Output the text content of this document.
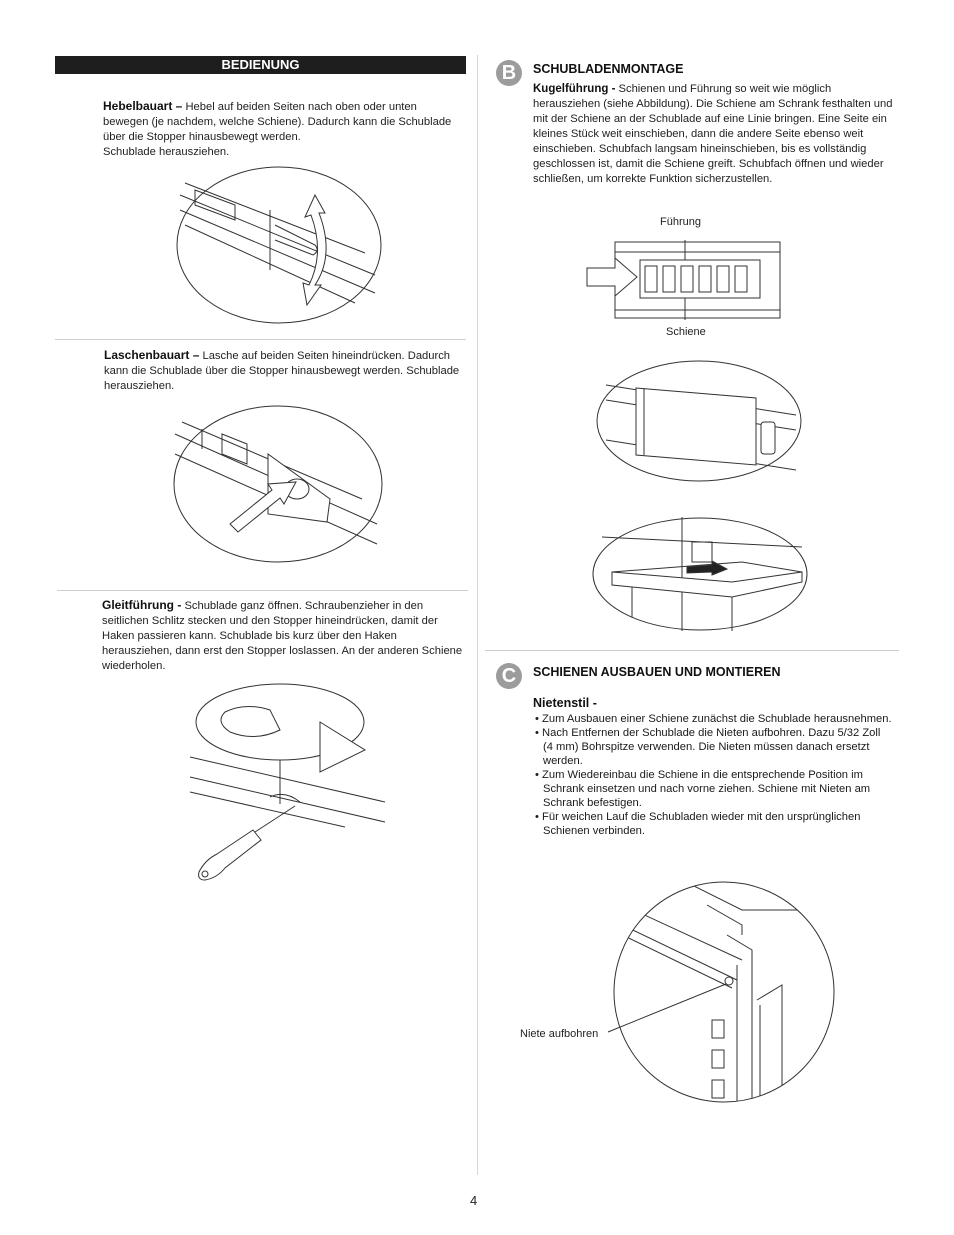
BEDIENUNG
Hebelbauart – Hebel auf beiden Seiten nach oben oder unten bewegen (je nachdem, welche Schiene). Dadurch kann die Schublade über die Stopper hinausbewegt werden.
Schublade herausziehen.
Laschenbauart – Lasche auf beiden Seiten hineindrücken. Dadurch kann die Schublade über die Stopper hinausbewegt werden. Schublade herausziehen.
Gleitführung - Schublade ganz öffnen. Schraubenzieher in den seitlichen Schlitz stecken und den Stopper hineindrücken, damit der Haken passieren kann. Schublade bis kurz über den Haken herausziehen, dann erst den Stopper loslassen. An der anderen Schiene wiederholen.
B	SCHUBLADENMONTAGE
Kugelführung - Schienen und Führung so weit wie möglich herausziehen (siehe Abbildung). Die Schiene am Schrank festhalten und mit der Schiene an der Schublade auf eine Linie bringen. Eine Seite ein kleines Stück weit einschieben, dann die andere Seite ebenso weit einschieben. Schubfach langsam hineinschieben, bis es vollständig geschlossen ist, damit die Schiene greift. Schubfach öffnen und wieder schließen, um korrekte Funktion sicherzustellen.
Führung
Schiene
C	SCHIENEN AUSBAUEN UND MONTIEREN
Nietenstil -
• Zum Ausbauen einer Schiene zunächst die Schublade herausnehmen.
• Nach Entfernen der Schublade die Nieten aufbohren. Dazu 5/32 Zoll (4 mm) Bohrspitze verwenden. Die Nieten müssen danach ersetzt werden.
• Zum Wiedereinbau die Schiene in die entsprechende Position im Schrank einsetzen und nach vorne ziehen. Schiene mit Nieten am Schrank befestigen.
• Für weichen Lauf die Schubladen wieder mit den ursprünglichen Schienen verbinden.
Niete aufbohren
4
